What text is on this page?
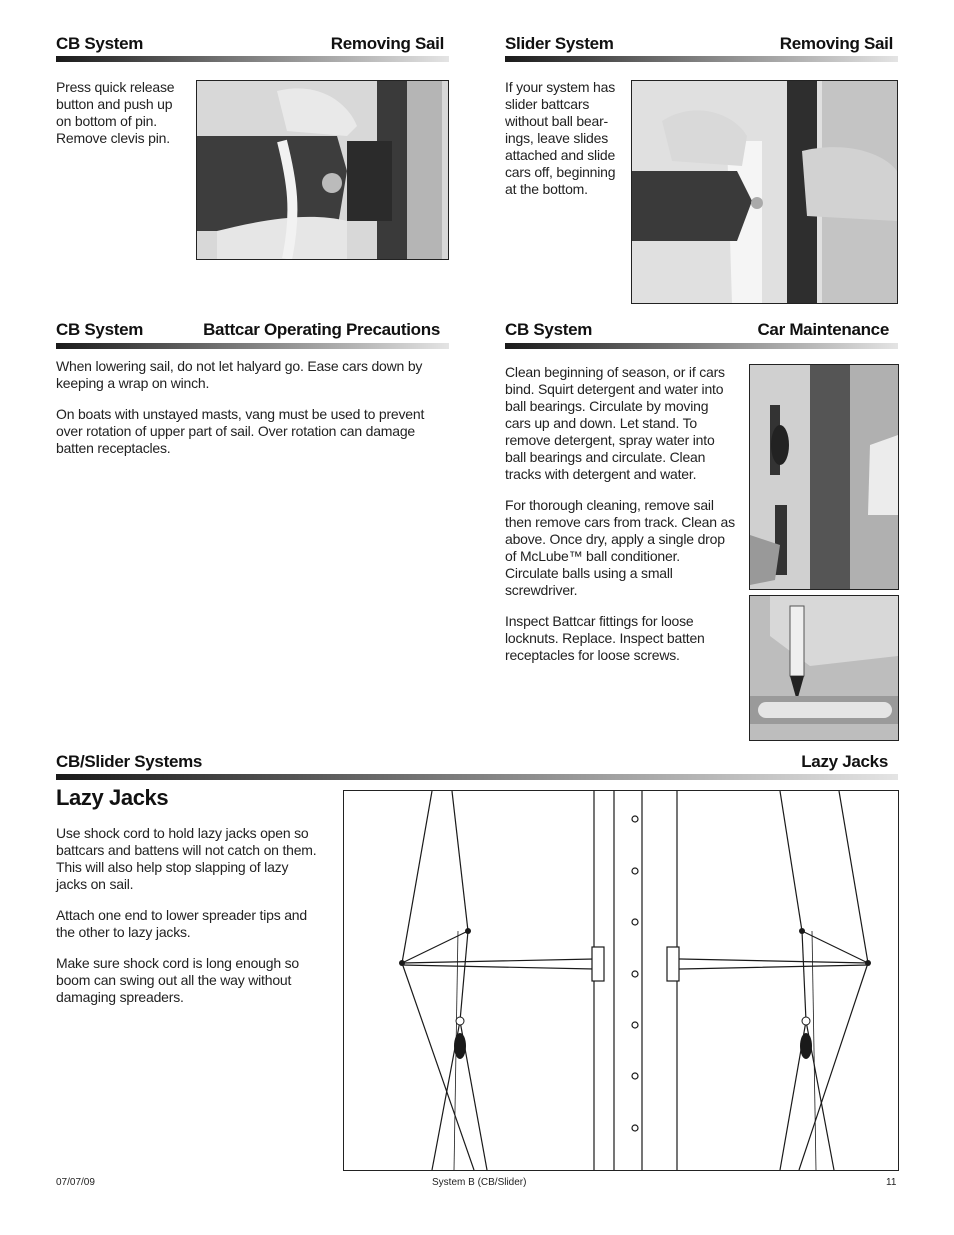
CB System	Removing Sail
Press quick release button and push up on bottom of pin. Remove clevis pin.
Slider System	Removing Sail
If your system has slider battcars without ball bear-ings, leave slides attached and slide cars off, beginning at the bottom.
CB System	Battcar Operating Precautions

When lowering sail, do not let halyard go. Ease cars down by keeping a wrap on winch.

On boats with unstayed masts, vang must be used to prevent over rotation of upper part of sail. Over rotation can damage batten receptacles.

CB System	Car Maintenance

Clean beginning of season, or if cars bind. Squirt detergent and water into ball bearings. Circulate by moving cars up and down. Let stand. To remove detergent, spray water into ball bearings and circulate. Clean tracks with detergent and water.

For thorough cleaning, remove sail then remove cars from track. Clean as above. Once dry, apply a single drop of McLube™ ball conditioner. Circulate balls using a small screwdriver.

Inspect Battcar fittings for loose locknuts. Replace. Inspect batten receptacles for loose screws.

CB/Slider Systems	Lazy Jacks
Lazy Jacks

Use shock cord to hold lazy jacks open so battcars and battens will not catch on them. This will also help stop slapping of lazy jacks on sail.

Attach one end to lower spreader tips and the other to lazy jacks.

Make sure shock cord is long enough so boom can swing out all the way without damaging spreaders.

07/07/09	System B (CB/Slider)	11
